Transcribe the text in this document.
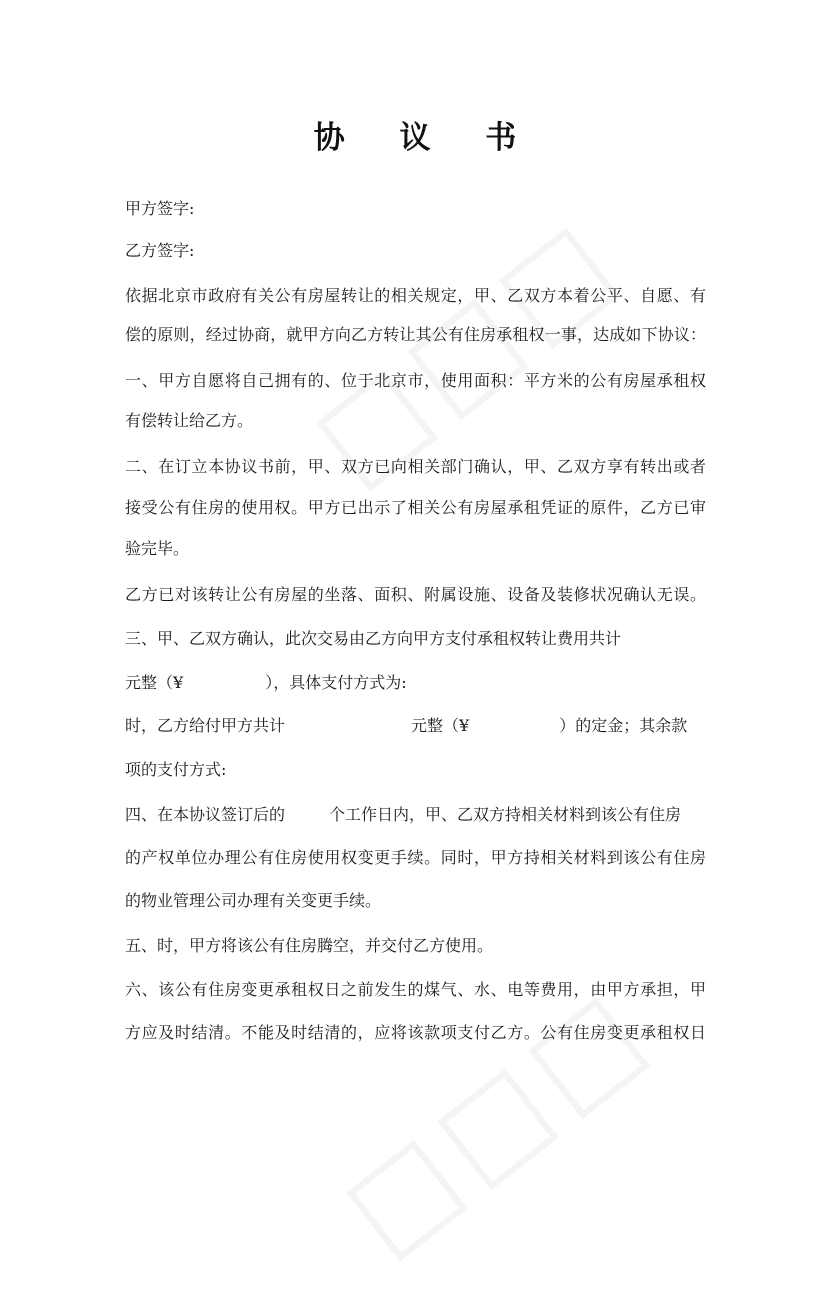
协 议 书
甲方签字:
乙方签字:
依据北京市政府有关公有房屋转让的相关规定，甲、乙双方本着公平、自愿、有
偿的原则，经过协商，就甲方向乙方转让其公有住房承租权一事，达成如下协议：
一、甲方自愿将自己拥有的、位于北京市，使用面积：平方米的公有房屋承租权
有偿转让给乙方。
二、在订立本协议书前，甲、双方已向相关部门确认，甲、乙双方享有转出或者
接受公有住房的使用权。甲方已出示了相关公有房屋承租凭证的原件，乙方已审
验完毕。
乙方已对该转让公有房屋的坐落、面积、附属设施、设备及装修状况确认无误。
三、甲、乙双方确认，此次交易由乙方向甲方支付承租权转让费用共计
元整（¥	），具体支付方式为:
时，乙方给付甲方共计	元整（¥	）的定金；其余款
项的支付方式:
四、在本协议签订后的	个工作日内，甲、乙双方持相关材料到该公有住房
的产权单位办理公有住房使用权变更手续。同时，甲方持相关材料到该公有住房
的物业管理公司办理有关变更手续。
五、时，甲方将该公有住房腾空，并交付乙方使用。
六、该公有住房变更承租权日之前发生的煤气、水、电等费用，由甲方承担，甲
方应及时结清。不能及时结清的，应将该款项支付乙方。公有住房变更承租权日
